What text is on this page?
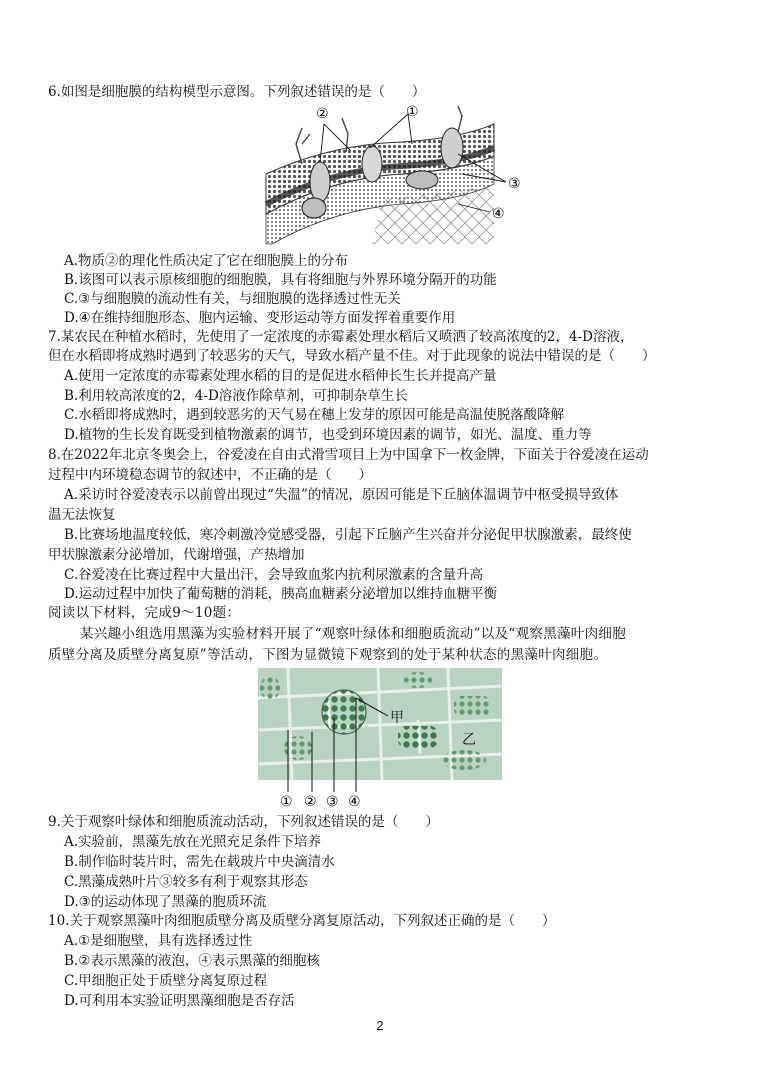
6.如图是细胞膜的结构模型示意图。下列叙述错误的是（　　）
②	①
③
④
A.物质②的理化性质决定了它在细胞膜上的分布
B.该图可以表示原核细胞的细胞膜，具有将细胞与外界环境分隔开的功能
C.③与细胞膜的流动性有关，与细胞膜的选择透过性无关
D.④在维持细胞形态、胞内运输、变形运动等方面发挥着重要作用
7.某农民在种植水稻时，先使用了一定浓度的赤霉素处理水稻后又喷洒了较高浓度的2，4-D溶液，
但在水稻即将成熟时遇到了较恶劣的天气，导致水稻产量不佳。对于此现象的说法中错误的是（　　）
A.使用一定浓度的赤霉素处理水稻的目的是促进水稻伸长生长并提高产量
B.利用较高浓度的2，4-D溶液作除草剂，可抑制杂草生长
C.水稻即将成熟时，遇到较恶劣的天气易在穗上发芽的原因可能是高温使脱落酸降解
D.植物的生长发育既受到植物激素的调节，也受到环境因素的调节，如光、温度、重力等
8.在2022年北京冬奥会上，谷爱凌在自由式滑雪项目上为中国拿下一枚金牌，下面关于谷爱凌在运动
过程中内环境稳态调节的叙述中，不正确的是（　　）
A.采访时谷爱凌表示以前曾出现过“失温”的情况，原因可能是下丘脑体温调节中枢受损导致体
温无法恢复
B.比赛场地温度较低，寒冷刺激冷觉感受器，引起下丘脑产生兴奋并分泌促甲状腺激素，最终使
甲状腺激素分泌增加，代谢增强，产热增加
C.谷爱凌在比赛过程中大量出汗，会导致血浆内抗利尿激素的含量升高
D.运动过程中加快了葡萄糖的消耗，胰高血糖素分泌增加以维持血糖平衡
阅读以下材料，完成9～10题：
某兴趣小组选用黑藻为实验材料开展了“观察叶绿体和细胞质流动”以及“观察黑藻叶肉细胞
质壁分离及质壁分离复原”等活动，下图为显微镜下观察到的处于某种状态的黑藻叶肉细胞。
甲
乙
① ② ③ ④
9.关于观察叶绿体和细胞质流动活动，下列叙述错误的是（　　）
A.实验前，黑藻先放在光照充足条件下培养
B.制作临时装片时，需先在载玻片中央滴清水
C.黑藻成熟叶片③较多有利于观察其形态
D.③的运动体现了黑藻的胞质环流
10.关于观察黑藻叶肉细胞质壁分离及质壁分离复原活动，下列叙述正确的是（　　）
A.①是细胞壁，具有选择透过性
B.②表示黑藻的液泡，④表示黑藻的细胞核
C.甲细胞正处于质壁分离复原过程
D.可利用本实验证明黑藻细胞是否存活
2
